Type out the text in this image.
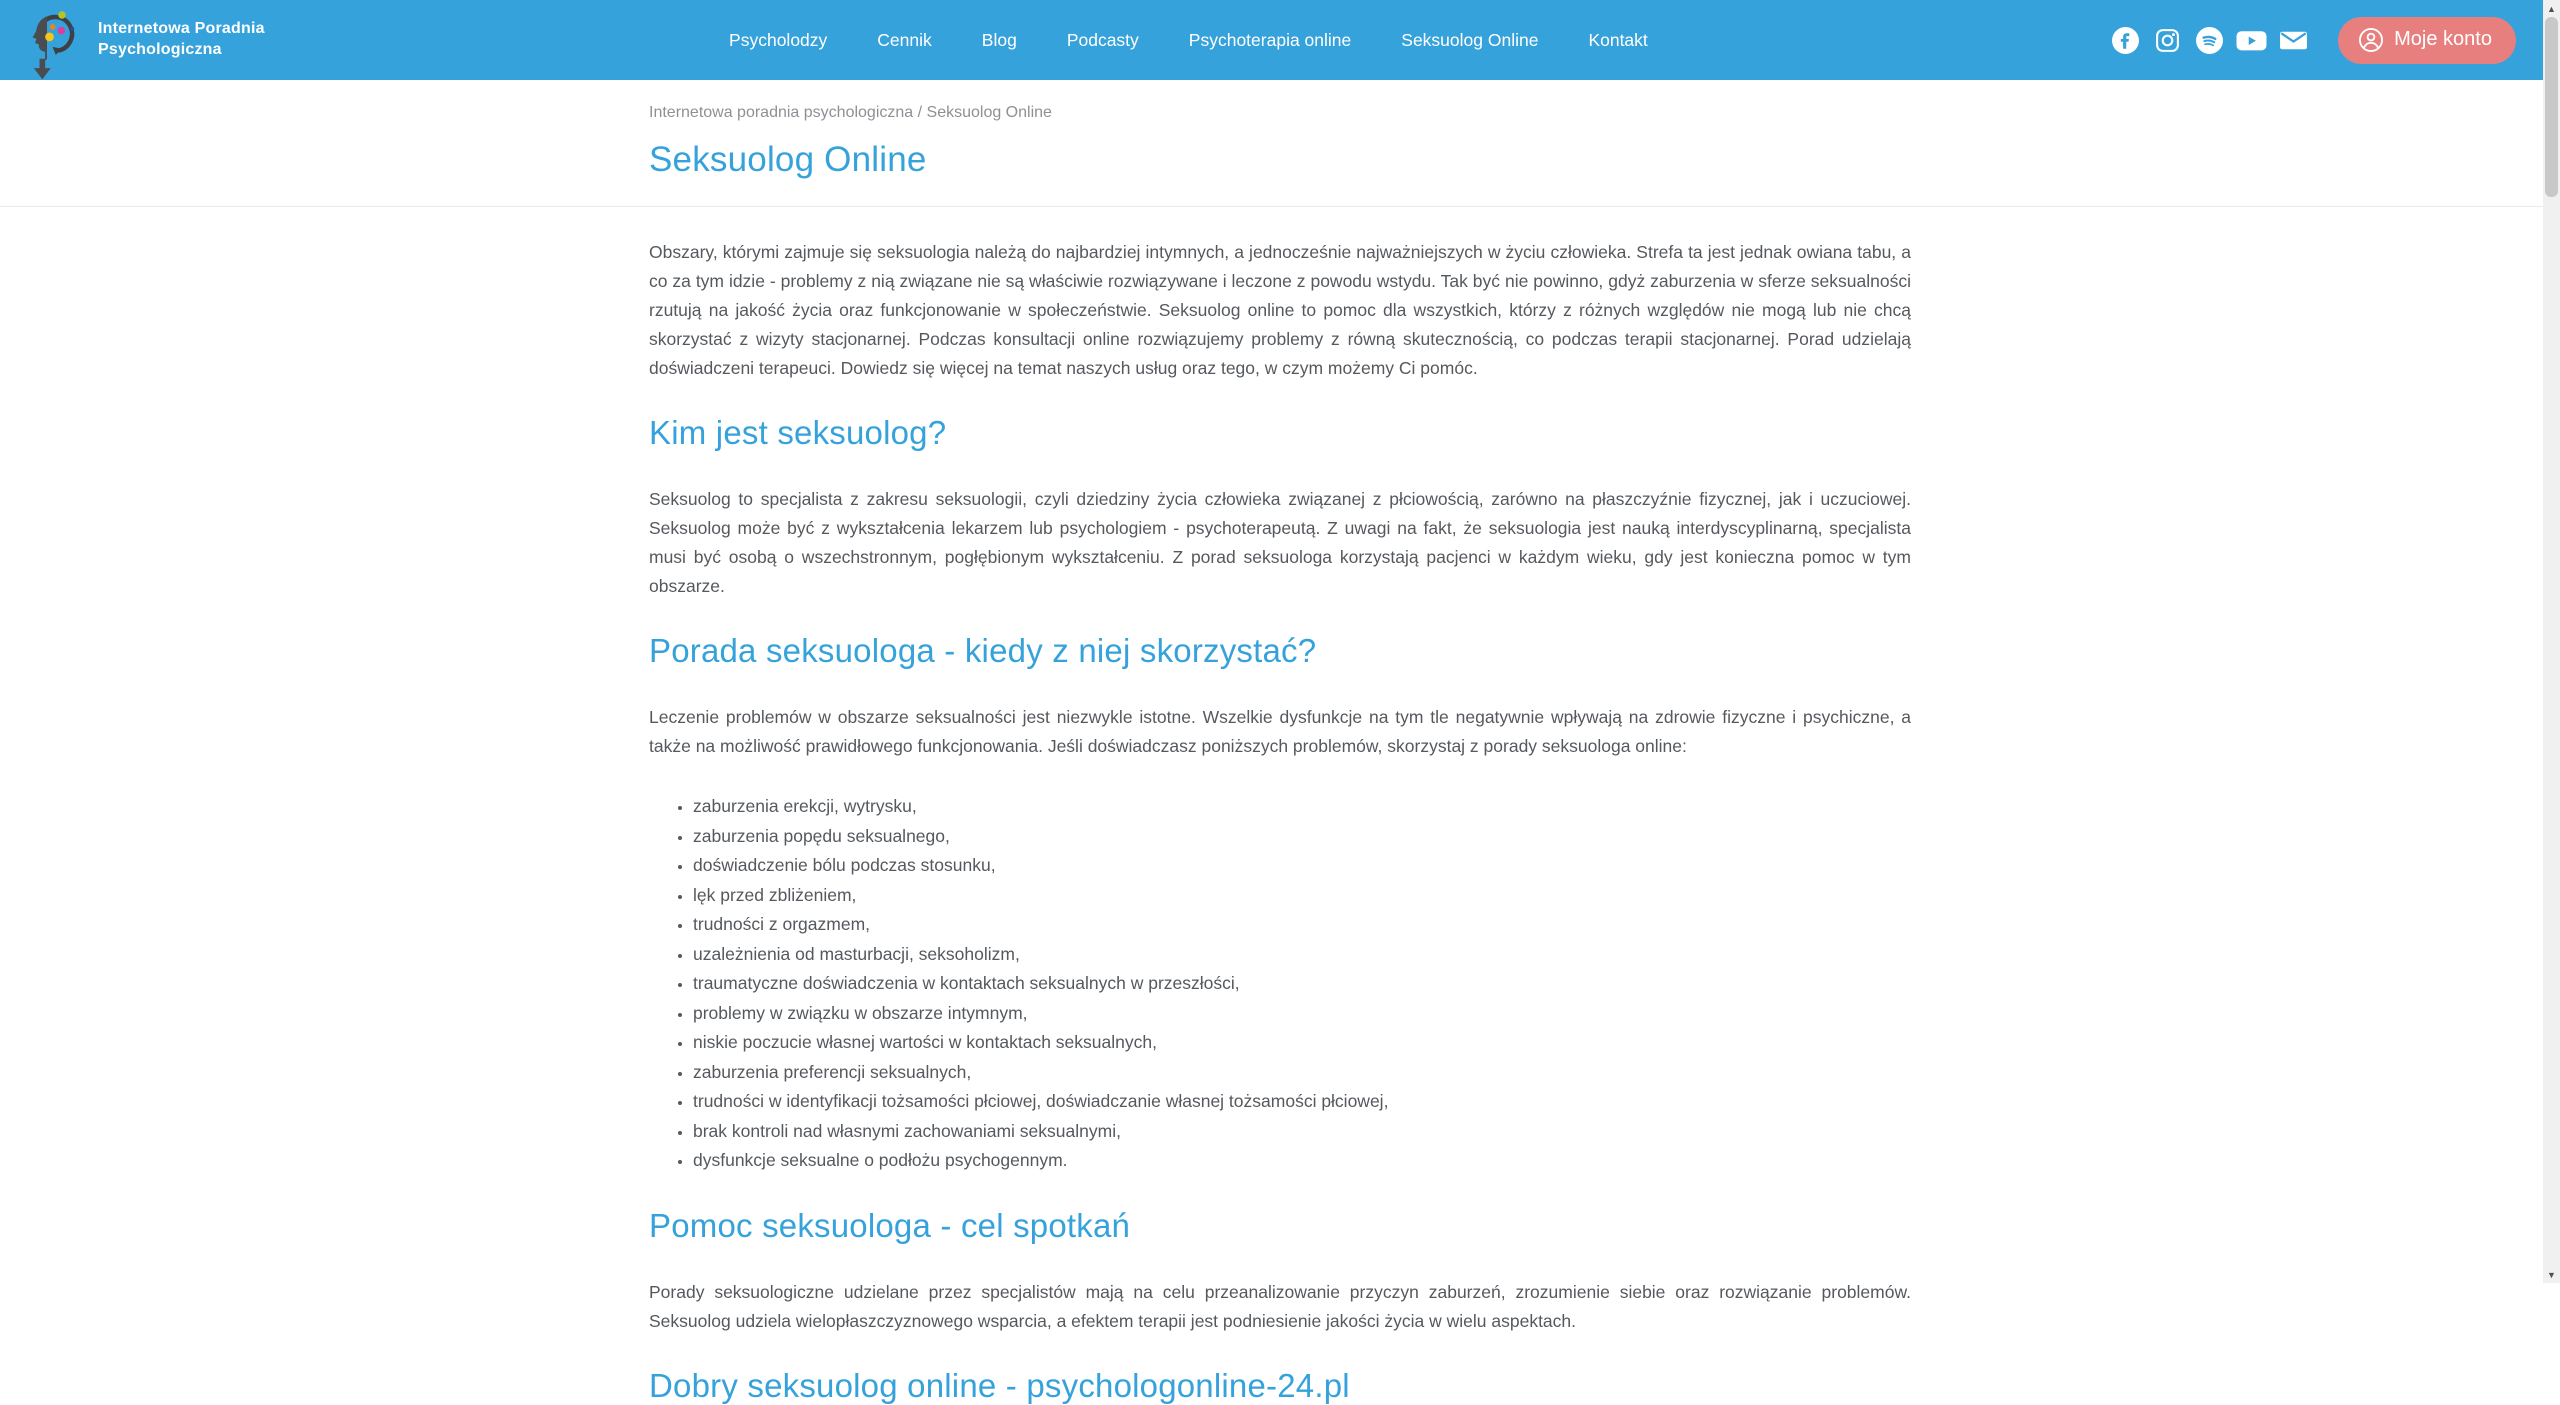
Internetowa Poradnia
Psychologiczna	Psycholodzy	Cennik	Blog	Podcasty	Psychoterapia online	Seksuolog Online	Kontakt	Moje konto
Internetowa poradnia psychologiczna / Seksuolog Online
Seksuolog Online

Obszary, którymi zajmuje się seksuologia należą do najbardziej intymnych, a jednocześnie najważniejszych w życiu człowieka. Strefa ta jest jednak owiana tabu, a co za tym idzie - problemy z nią związane nie są właściwie rozwiązywane i leczone z powodu wstydu. Tak być nie powinno, gdyż zaburzenia w sferze seksualności rzutują na jakość życia oraz funkcjonowanie w społeczeństwie. Seksuolog online to pomoc dla wszystkich, którzy z różnych względów nie mogą lub nie chcą skorzystać z wizyty stacjonarnej. Podczas konsultacji online rozwiązujemy problemy z równą skutecznością, co podczas terapii stacjonarnej. Porad udzielają doświadczeni terapeuci. Dowiedz się więcej na temat naszych usług oraz tego, w czym możemy Ci pomóc.

Kim jest seksuolog?

Seksuolog to specjalista z zakresu seksuologii, czyli dziedziny życia człowieka związanej z płciowością, zarówno na płaszczyźnie fizycznej, jak i uczuciowej. Seksuolog może być z wykształcenia lekarzem lub psychologiem - psychoterapeutą. Z uwagi na fakt, że seksuologia jest nauką interdyscyplinarną, specjalista musi być osobą o wszechstronnym, pogłębionym wykształceniu. Z porad seksuologa korzystają pacjenci w każdym wieku, gdy jest konieczna pomoc w tym obszarze.

Porada seksuologa - kiedy z niej skorzystać?

Leczenie problemów w obszarze seksualności jest niezwykle istotne. Wszelkie dysfunkcje na tym tle negatywnie wpływają na zdrowie fizyczne i psychiczne, a także na możliwość prawidłowego funkcjonowania. Jeśli doświadczasz poniższych problemów, skorzystaj z porady seksuologa online:

• zaburzenia erekcji, wytrysku,
• zaburzenia popędu seksualnego,
• doświadczenie bólu podczas stosunku,
• lęk przed zbliżeniem,
• trudności z orgazmem,
• uzależnienia od masturbacji, seksoholizm,
• traumatyczne doświadczenia w kontaktach seksualnych w przeszłości,
• problemy w związku w obszarze intymnym,
• niskie poczucie własnej wartości w kontaktach seksualnych,
• zaburzenia preferencji seksualnych,
• trudności w identyfikacji tożsamości płciowej, doświadczanie własnej tożsamości płciowej,
• brak kontroli nad własnymi zachowaniami seksualnymi,
• dysfunkcje seksualne o podłożu psychogennym.
Pomoc seksuologa - cel spotkań

Porady seksuologiczne udzielane przez specjalistów mają na celu przeanalizowanie przyczyn zaburzeń, zrozumienie siebie oraz rozwiązanie problemów. Seksuolog udziela wielopłaszczyznowego wsparcia, a efektem terapii jest podniesienie jakości życia w wielu aspektach.

Dobry seksuolog online - psychologonline-24.pl
▲
▼
